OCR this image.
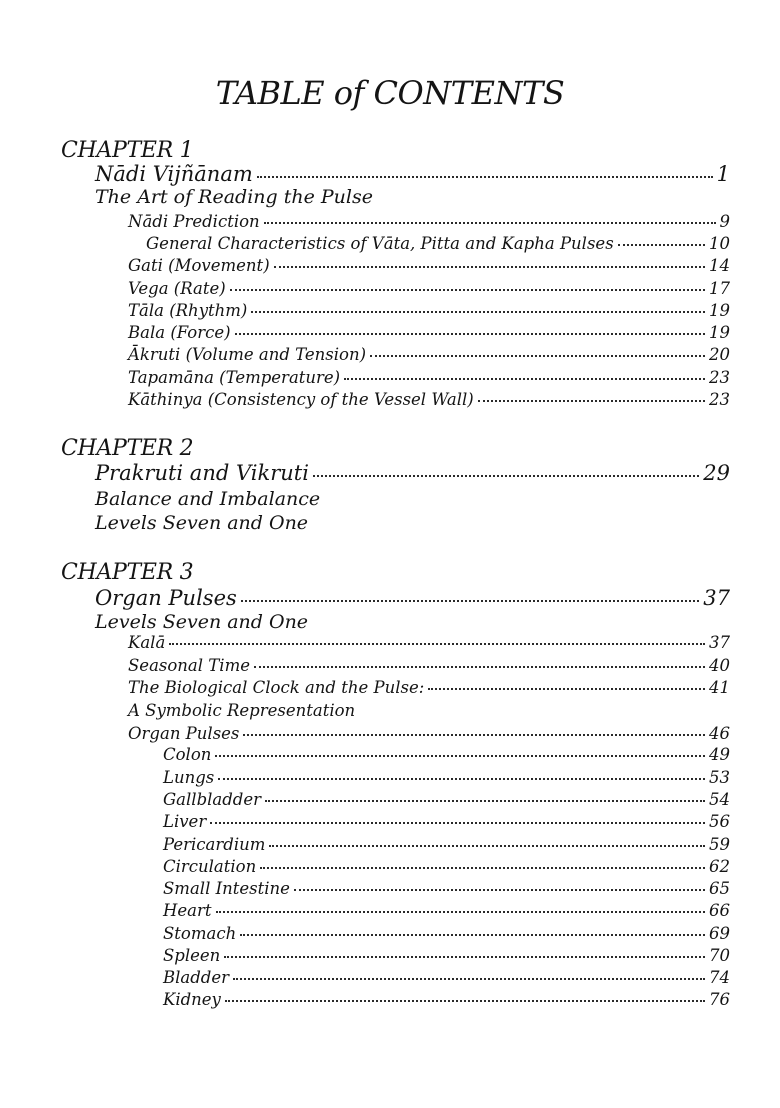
TABLE of CONTENTS
CHAPTER 1
Nādi Vijñānam	1
The Art of Reading the Pulse
Nādi Prediction	9
General Characteristics of Vāta, Pitta and Kapha Pulses	10
Gati (Movement)	14
Vega (Rate)	17
Tāla (Rhythm)	19
Bala (Force)	19
Ākruti (Volume and Tension)	20
Tapamāna (Temperature)	23
Kāthinya (Consistency of the Vessel Wall)	23
CHAPTER 2
Prakruti and Vikruti	29
Balance and Imbalance
Levels Seven and One
CHAPTER 3
Organ Pulses	37
Levels Seven and One
Kalā	37
Seasonal Time	40
The Biological Clock and the Pulse:	41
A Symbolic Representation
Organ Pulses	46
Colon	49
Lungs	53
Gallbladder	54
Liver	56
Pericardium	59
Circulation	62
Small Intestine	65
Heart	66
Stomach	69
Spleen	70
Bladder	74
Kidney	76
